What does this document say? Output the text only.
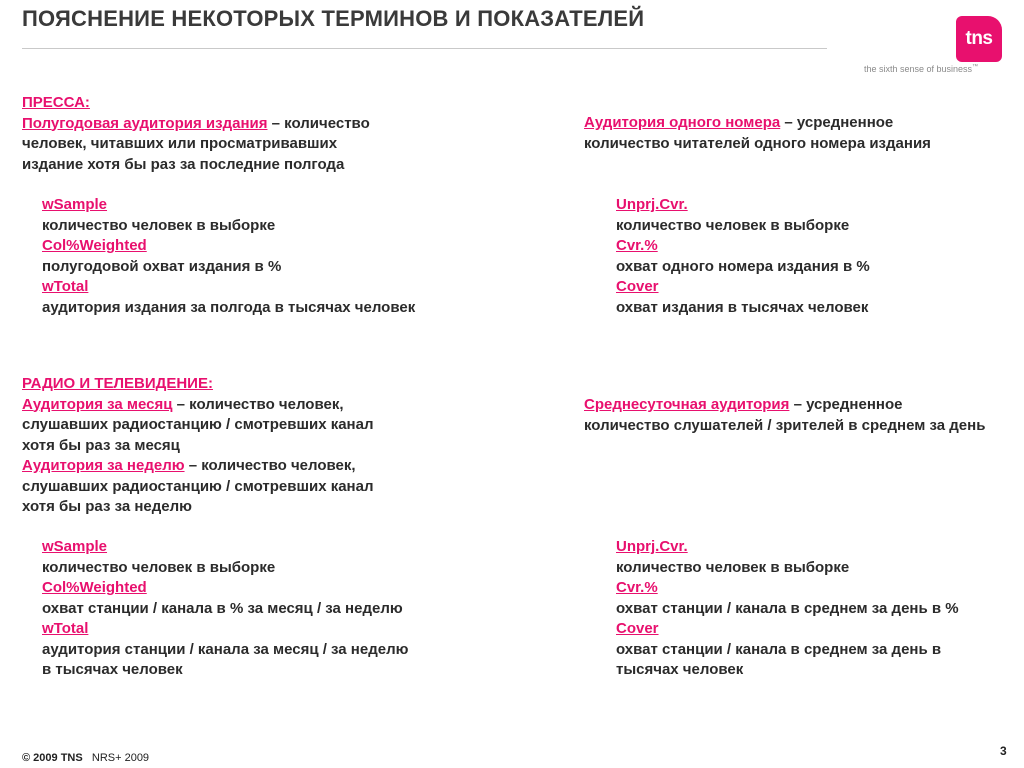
ПОЯСНЕНИЕ НЕКОТОРЫХ ТЕРМИНОВ И ПОКАЗАТЕЛЕЙ
tns
the sixth sense of business™
ПРЕССА:
Полугодовая аудитория издания – количество
человек, читавших или просматривавших
издание хотя бы раз за последние полгода
Аудитория одного номера – усредненное
количество читателей одного номера издания
wSample
количество человек в выборке
Col%Weighted
полугодовой охват издания в %
wTotal
аудитория издания за полгода в тысячах человек
Unprj.Cvr.
количество человек в выборке
Cvr.%
охват одного номера издания в %
Cover
охват издания в тысячах человек
РАДИО И ТЕЛЕВИДЕНИЕ:
Аудитория за месяц – количество человек,
слушавших радиостанцию / смотревших канал
хотя бы раз за месяц
Аудитория за неделю – количество человек,
слушавших радиостанцию / смотревших канал
хотя бы раз за неделю
Среднесуточная аудитория – усредненное
количество слушателей / зрителей в среднем за день
wSample
количество человек в выборке
Col%Weighted
охват станции / канала в % за месяц / за неделю
wTotal
аудитория станции / канала за месяц / за неделю
в тысячах человек
Unprj.Cvr.
количество человек в выборке
Cvr.%
охват станции / канала в среднем за день в %
Cover
охват станции / канала в среднем за день в
тысячах человек
© 2009 TNS NRS+ 2009	3
